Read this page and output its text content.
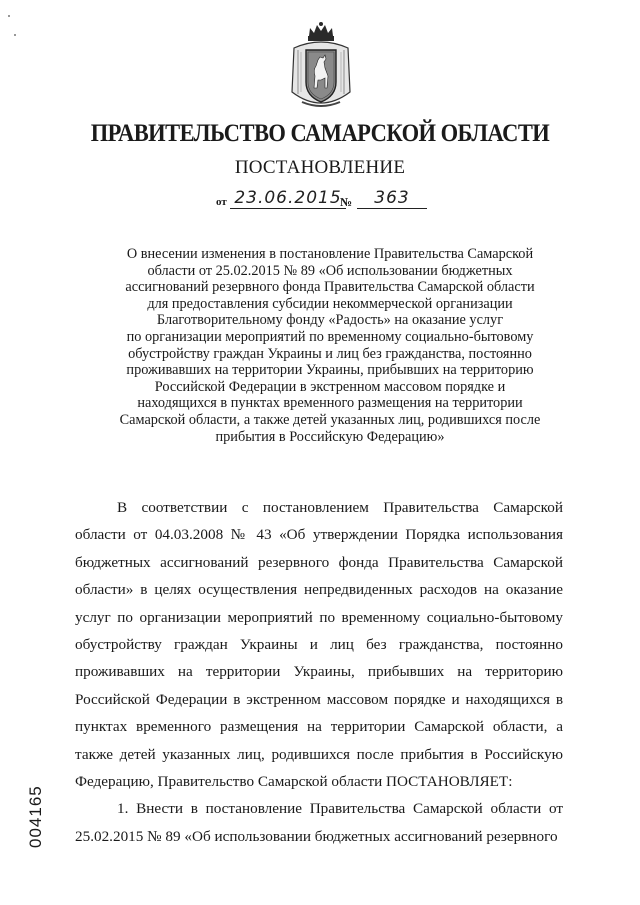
ПРАВИТЕЛЬСТВО САМАРСКОЙ ОБЛАСТИ
ПОСТАНОВЛЕНИЕ
от 23.06.2015
№	363
О внесении изменения в постановление Правительства Самарской
области от 25.02.2015 № 89 «Об использовании бюджетных
ассигнований резервного фонда Правительства Самарской области
для предоставления субсидии некоммерческой организации
Благотворительному фонду «Радость» на оказание услуг
по организации мероприятий по временному социально-бытовому
обустройству граждан Украины и лиц без гражданства, постоянно
проживавших на территории Украины, прибывших на территорию
Российской Федерации в экстренном массовом порядке и
находящихся в пунктах временного размещения на территории
Самарской области, а также детей указанных лиц, родившихся после
прибытия в Российскую Федерацию»
В соответствии с постановлением Правительства Самарской области от 04.03.2008 № 43 «Об утверждении Порядка использования бюджетных ассигнований резервного фонда Правительства Самарской области» в целях осуществления непредвиденных расходов на оказание услуг по организации мероприятий по временному социально-бытовому обустройству граждан Украины и лиц без гражданства, постоянно проживавших на территории Украины, прибывших на территорию Российской Федерации в экстренном массовом порядке и находящихся в пунктах временного размещения на территории Самарской области, а также детей указанных лиц, родившихся после прибытия в Российскую Федерацию, Правительство Самарской области ПОСТАНОВЛЯЕТ:
1. Внести в постановление Правительства Самарской области от 25.02.2015 № 89 «Об использовании бюджетных ассигнований резервного
004165
